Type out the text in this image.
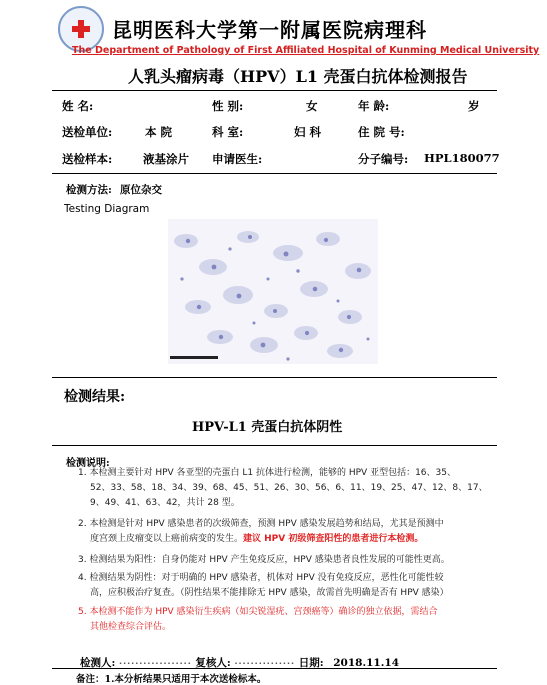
昆明医科大学第一附属医院病理科
The Department of Pathology of First Affiliated Hospital of Kunming Medical University
人乳头瘤病毒（HPV）L1 壳蛋白抗体检测报告
姓 名:	性 别:	女	年 龄:	岁
送检单位:	本 院	科 室:	妇 科	住 院 号:
送检样本:	液基涂片 申请医生:	分子编号: HPL180077
检测方法: 原位杂交
Testing Diagram
检测结果:
HPV-L1 壳蛋白抗体阴性
检测说明:
1. 本检测主要针对 HPV 各亚型的壳蛋白 L1 抗体进行检测，能够的 HPV 亚型包括：16、35、
52、33、58、18、34、39、68、45、51、26、30、56、6、11、19、25、47、12、8、17、
9、49、41、63、42，共计 28 型。
2. 本检测是针对 HPV 感染患者的次级筛查，预测 HPV 感染发展趋势和结局，尤其是预测中
度宫颈上皮瘤变以上癌前病变的发生。建议 HPV 初级筛查阳性的患者进行本检测。
3. 检测结果为阳性：自身仍能对 HPV 产生免疫反应，HPV 感染患者良性发展的可能性更高。
4. 检测结果为阴性：对于明确的 HPV 感染者，机体对 HPV 没有免疫反应，恶性化可能性较
高，应积极治疗复查。（阴性结果不能排除无 HPV 感染，故需首先明确是否有 HPV 感染）
5. 本检测不能作为 HPV 感染衍生疾病（如尖锐湿疣、宫颈癌等）确诊的独立依据，需结合
其他检查综合评估。
检测人: ·················· 复核人: ··············· 日期: 2018.11.14
备注：1.本分析结果只适用于本次送检标本。
